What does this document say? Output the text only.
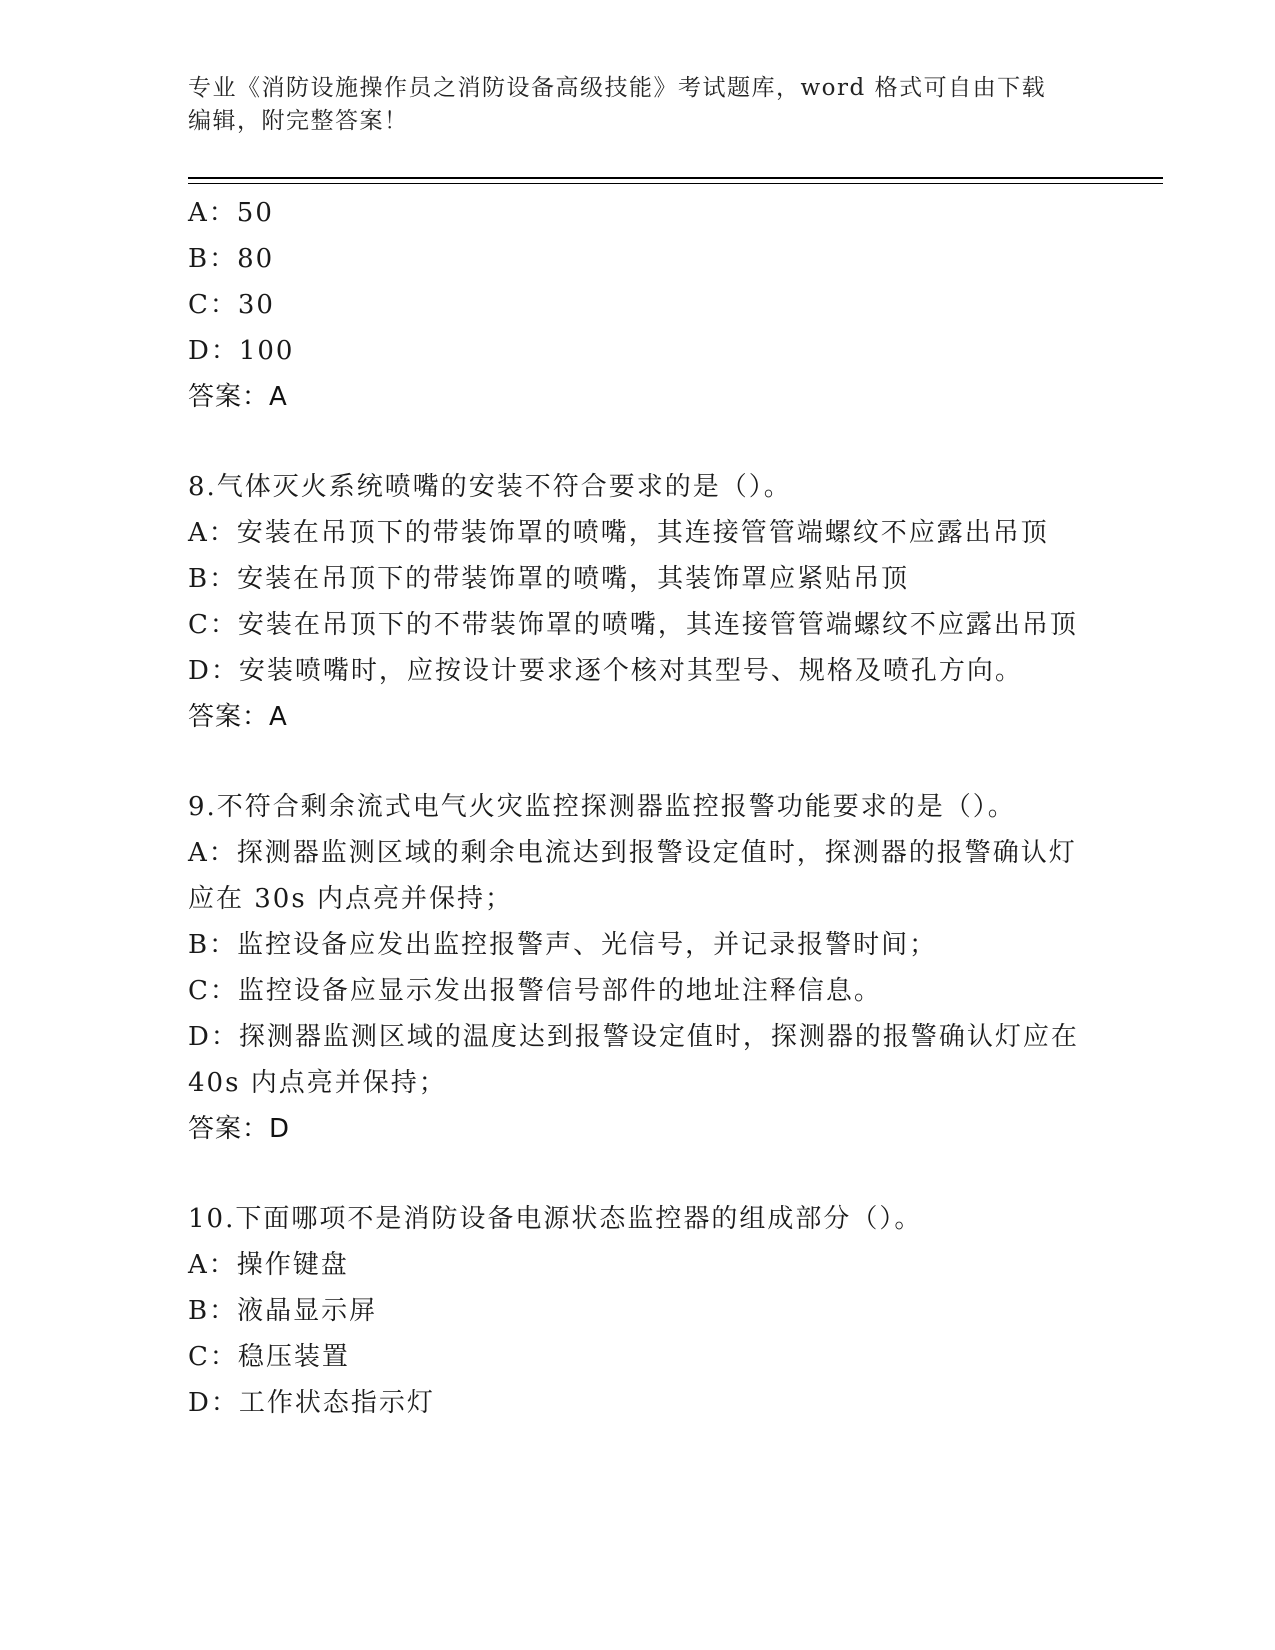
专业《消防设施操作员之消防设备高级技能》考试题库，word 格式可自由下载编辑，附完整答案！
A：50
B：80
C：30
D：100
答案：A
8.气体灭火系统喷嘴的安装不符合要求的是（）。
A：安装在吊顶下的带装饰罩的喷嘴，其连接管管端螺纹不应露出吊顶
B：安装在吊顶下的带装饰罩的喷嘴，其装饰罩应紧贴吊顶
C：安装在吊顶下的不带装饰罩的喷嘴，其连接管管端螺纹不应露出吊顶
D：安装喷嘴时，应按设计要求逐个核对其型号、规格及喷孔方向。
答案：A
9.不符合剩余流式电气火灾监控探测器监控报警功能要求的是（）。
A：探测器监测区域的剩余电流达到报警设定值时，探测器的报警确认灯应在 30s 内点亮并保持；
B：监控设备应发出监控报警声、光信号，并记录报警时间；
C：监控设备应显示发出报警信号部件的地址注释信息。
D：探测器监测区域的温度达到报警设定值时，探测器的报警确认灯应在 40s 内点亮并保持；
答案：D
10.下面哪项不是消防设备电源状态监控器的组成部分（）。
A：操作键盘
B：液晶显示屏
C：稳压装置
D：工作状态指示灯
